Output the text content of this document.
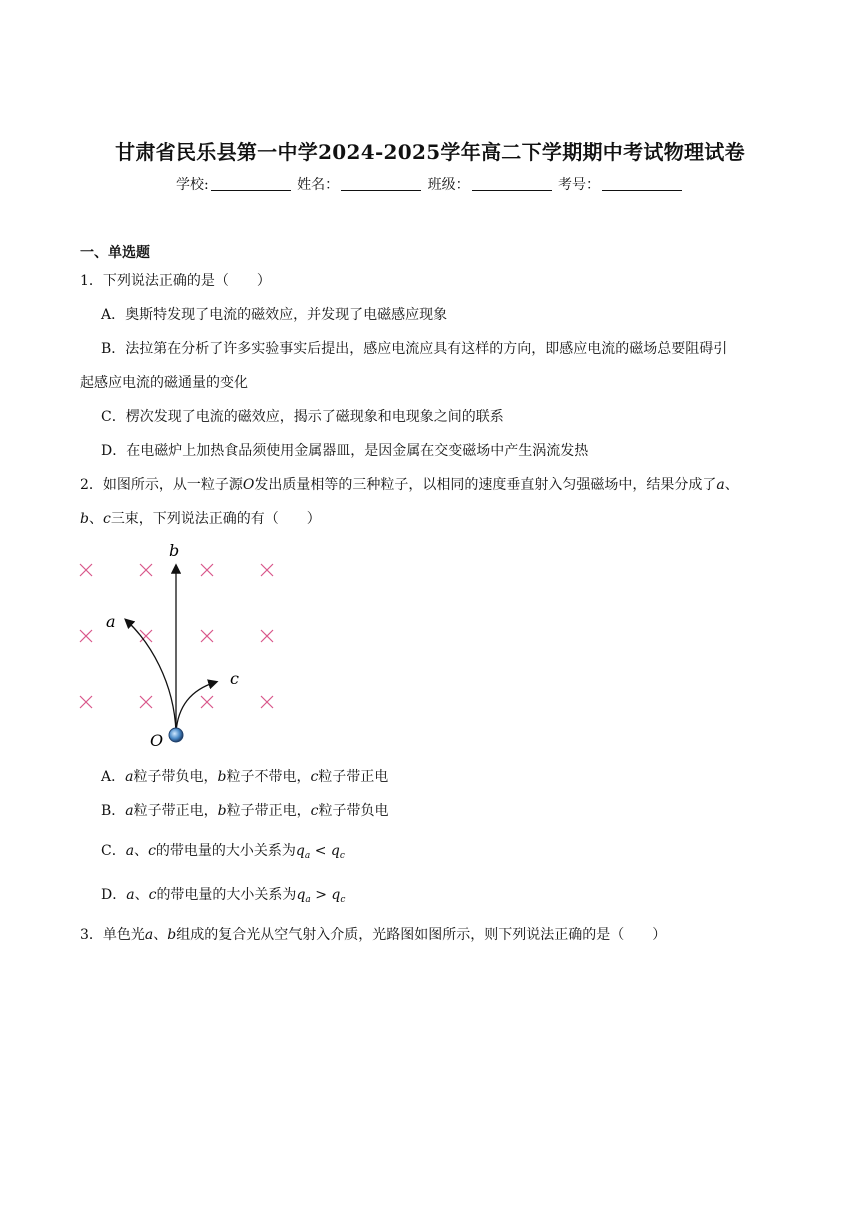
甘肃省民乐县第一中学2024-2025学年高二下学期期中考试物理试卷
学校:	姓名：	班级：	考号：
一、单选题
1．下列说法正确的是（　　）
A．奥斯特发现了电流的磁效应，并发现了电磁感应现象
B．法拉第在分析了许多实验事实后提出，感应电流应具有这样的方向，即感应电流的磁场总要阻碍引
起感应电流的磁通量的变化
C．楞次发现了电流的磁效应，揭示了磁现象和电现象之间的联系
D．在电磁炉上加热食品须使用金属器皿，是因金属在交变磁场中产生涡流发热
2．如图所示，从一粒子源O发出质量相等的三种粒子，以相同的速度垂直射入匀强磁场中，结果分成了a、
b、c三束，下列说法正确的有（　　）
b
a
c
O
A．a粒子带负电，b粒子不带电，c粒子带正电
B．a粒子带正电，b粒子带正电，c粒子带负电
C．a、c的带电量的大小关系为$q_a < q_c$
D．a、c的带电量的大小关系为$q_a > q_c$
3．单色光a、b组成的复合光从空气射入介质，光路图如图所示，则下列说法正确的是（　　）
